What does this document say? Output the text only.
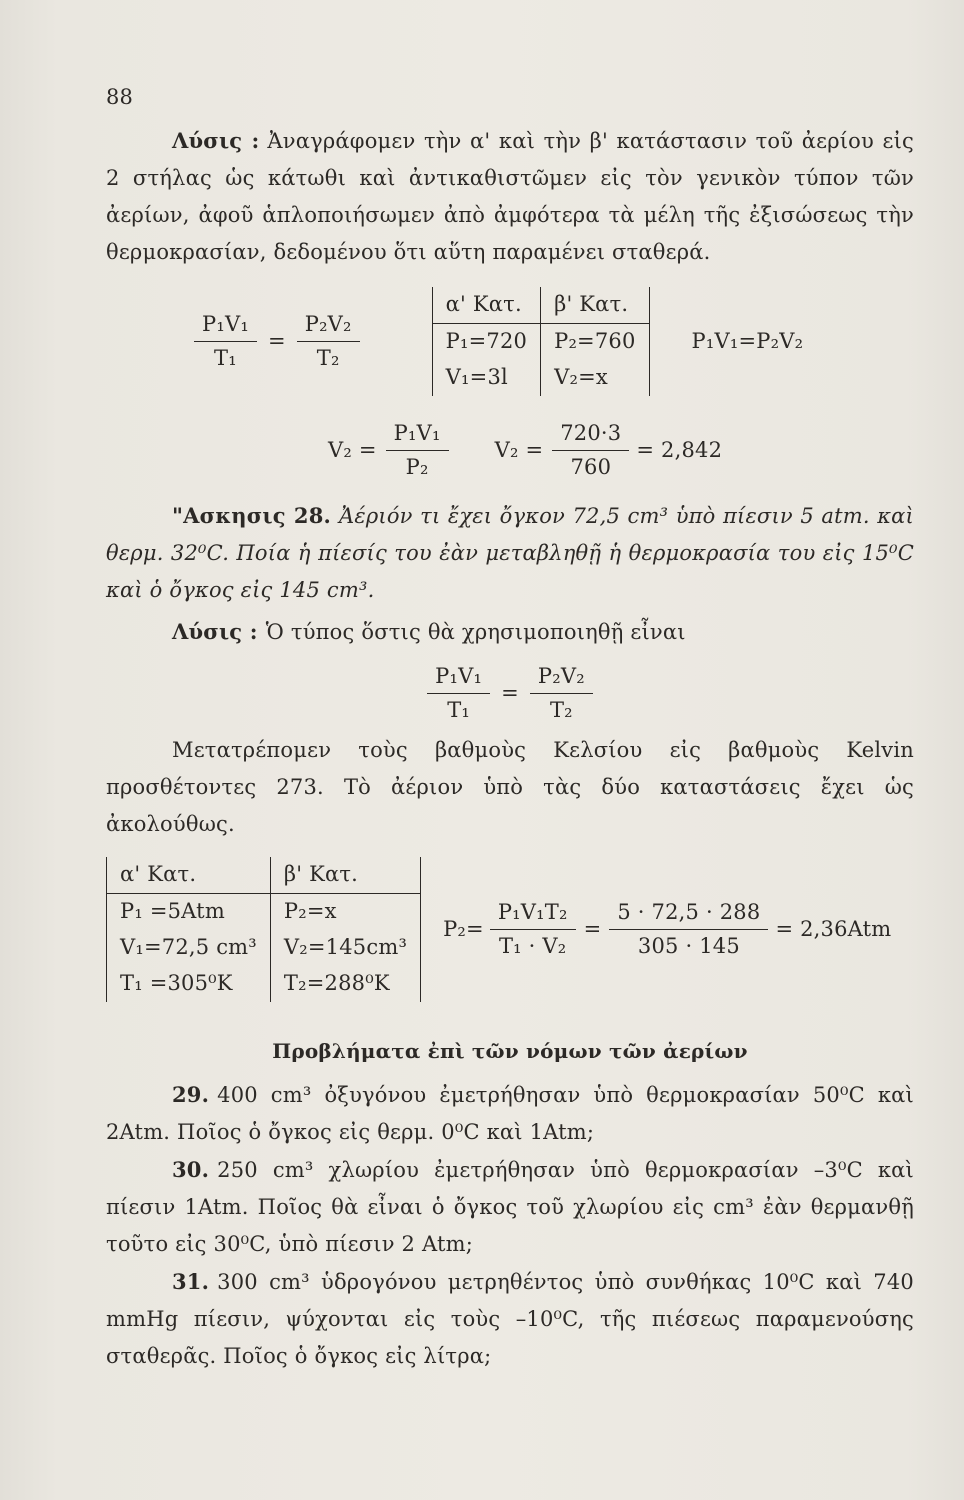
88

Λύσις : Ἀναγράφομεν τὴν α' καὶ τὴν β' κατάστασιν τοῦ ἀερίου εἰς 2 στήλας ὡς κάτωθι καὶ ἀντικαθιστῶμεν εἰς τὸν γενικὸν τύπον τῶν ἀερίων, ἀφοῦ ἁπλοποιήσωμεν ἀπὸ ἀμφότερα τὰ μέλη τῆς ἐξισώσεως τὴν θερμοκρασίαν, δεδομένου ὅτι αὕτη παραμένει σταθερά.

$\frac{\text{P₁V₁}}{\text{T₁}} = \frac{\text{P₂V₂}}{\text{T₂}}$
α' Κατ.	β' Κατ.
P₁=720	P₂=760
V₁=3l	V₂=x
P₁V₁=P₂V₂
$V_2 = \frac{\text{P₁V₁}}{\text{P₂}} V_2 = \frac{720\cdot 3}{760} = 2,842$

"Ασκησις 28. Ἀέριόν τι ἔχει ὄγκον 72,5 cm³ ὑπὸ πίεσιν 5 atm. καὶ θερμ. 32⁰C. Ποία ἡ πίεσίς του ἐὰν μεταβληθῇ ἡ θερμοκρασία του εἰς 15⁰C καὶ ὁ ὄγκος εἰς 145 cm³.

Λύσις : Ὁ τύπος ὅστις θὰ χρησιμοποιηθῇ εἶναι

$\frac{\text{P₁V₁}}{\text{T₁}} = \frac{\text{P₂V₂}}{\text{T₂}}$

Μετατρέπομεν τοὺς βαθμοὺς Κελσίου εἰς βαθμοὺς Kelvin προσθέτοντες 273. Τὸ ἀέριον ὑπὸ τὰς δύο καταστάσεις ἔχει ὡς ἀκολούθως.

α' Κατ.	β' Κατ.
P₁ =5Atm	P₂=x
V₁=72,5 cm³	V₂=145cm³
T₁ =305⁰K	T₂=288⁰K
$P_2= \frac{\text{P₁V₁T₂}}{\text{T₁ · V₂}} = \frac{5 \cdot 72,5 \cdot 288}{305 \cdot 145} = 2,36Atm$
Προβλήματα ἐπὶ τῶν νόμων τῶν ἀερίων

29. 400 cm³ ὀξυγόνου ἐμετρήθησαν ὑπὸ θερμοκρασίαν 50⁰C καὶ 2Atm. Ποῖος ὁ ὄγκος εἰς θερμ. 0⁰C καὶ 1Atm;

30. 250 cm³ χλωρίου ἐμετρήθησαν ὑπὸ θερμοκρασίαν –3⁰C καὶ πίεσιν 1Atm. Ποῖος θὰ εἶναι ὁ ὄγκος τοῦ χλωρίου εἰς cm³ ἐὰν θερμανθῇ τοῦτο εἰς 30⁰C, ὑπὸ πίεσιν 2 Atm;

31. 300 cm³ ὑδρογόνου μετρηθέντος ὑπὸ συνθήκας 10⁰C καὶ 740 mmHg πίεσιν, ψύχονται εἰς τοὺς –10⁰C, τῆς πιέσεως παραμενούσης σταθερᾶς. Ποῖος ὁ ὄγκος εἰς λίτρα;
